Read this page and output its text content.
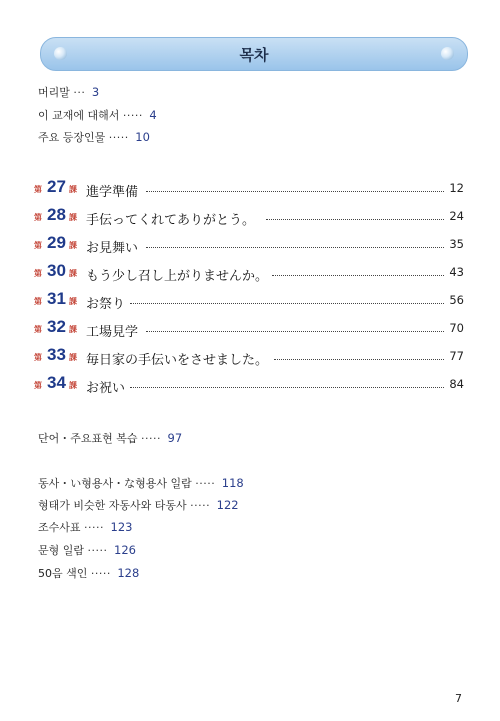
목차
머리말 ··· 3
이 교재에 대해서 ····· 4
주요 등장인물 ····· 10
第 27 課 進学準備	12
第 28 課 手伝ってくれてありがとう。	24
第 29 課 お見舞い	35
第 30 課 もう少し召し上がりませんか。	43
第 31 課 お祭り	56
第 32 課 工場見学	70
第 33 課 毎日家の手伝いをさせました。	77
第 34 課 お祝い	84
단어・주요표현 복습 ····· 97
동사・い형용사・な형용사 일람 ····· 118
형태가 비슷한 자동사와 타동사 ····· 122
조수사표 ····· 123
문형 일람 ····· 126
50음 색인 ····· 128
7
